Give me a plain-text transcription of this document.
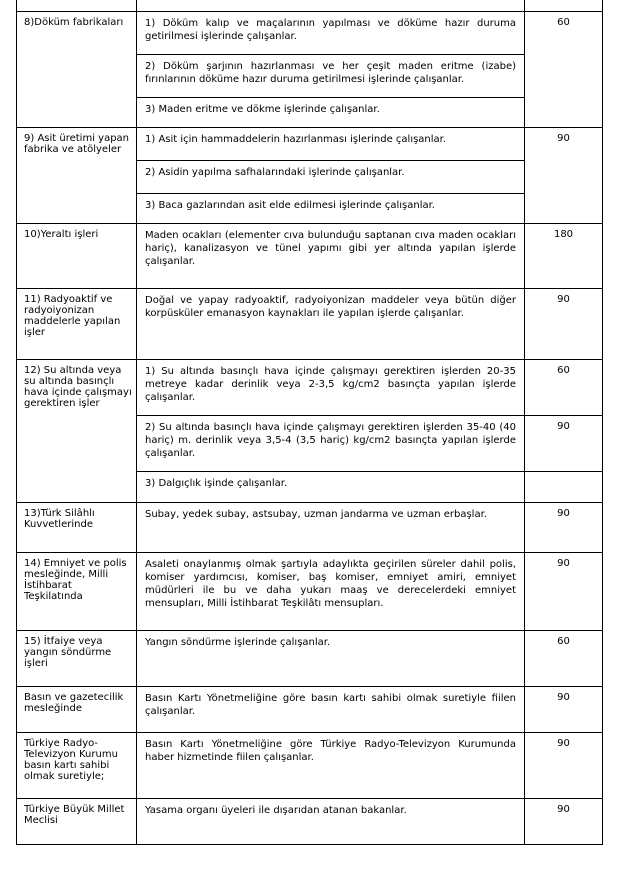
8)Döküm fabrikaları	1) Döküm kalıp ve maçalarının yapılması ve döküme hazır duruma getirilmesi işlerinde çalışanlar.	60
	2) Döküm şarjının hazırlanması ve her çeşit maden eritme (izabe) fırınlarının döküme hazır duruma getirilmesi işlerinde çalışanlar.	
	3) Maden eritme ve dökme işlerinde çalışanlar.	
9) Asit üretimi yapan fabrika ve atölyeler	1) Asit için hammaddelerin hazırlanması işlerinde çalışanlar.	90
	2) Asidin yapılma safhalarındaki işlerinde çalışanlar.	
	3) Baca gazlarından asit elde edilmesi işlerinde çalışanlar.	
10)Yeraltı işleri	Maden ocakları (elementer cıva bulunduğu saptanan cıva maden ocakları hariç), kanalizasyon ve tünel yapımı gibi yer altında yapılan işlerde çalışanlar.	180
11) Radyoaktif ve radyoiyonizan maddelerle yapılan işler	Doğal ve yapay radyoaktif, radyoiyonizan maddeler veya bütün diğer korpüsküler emanasyon kaynakları ile yapılan işlerde çalışanlar.	90
12) Su altında veya su altında basınçlı hava içinde çalışmayı gerektiren işler	1) Su altında basınçlı hava içinde çalışmayı gerektiren işlerden 20-35 metreye kadar derinlik veya 2-3,5 kg/cm2 basınçta yapılan işlerde çalışanlar.	60
	2) Su altında basınçlı hava içinde çalışmayı gerektiren işlerden 35-40 (40 hariç) m. derinlik veya 3,5-4 (3,5 hariç) kg/cm2 basınçta yapılan işlerde çalışanlar.	90
	3) Dalgıçlık işinde çalışanlar.	
13)Türk Silâhlı Kuvvetlerinde	Subay, yedek subay, astsubay, uzman jandarma ve uzman erbaşlar.	90
14) Emniyet ve polis mesleğinde, Milli İstihbarat Teşkilatında	Asaleti onaylanmış olmak şartıyla adaylıkta geçirilen süreler dahil polis, komiser yardımcısı, komiser, baş komiser, emniyet amiri, emniyet müdürleri ile bu ve daha yukarı maaş ve derecelerdeki emniyet mensupları, Milli İstihbarat Teşkilâtı mensupları.	90
15) İtfaiye veya yangın söndürme işleri	Yangın söndürme işlerinde çalışanlar.	60
Basın ve gazetecilik mesleğinde	Basın Kartı Yönetmeliğine göre basın kartı sahibi olmak suretiyle fiilen çalışanlar.	90
Türkiye Radyo-Televizyon Kurumu basın kartı sahibi olmak suretiyle;	Basın Kartı Yönetmeliğine göre Türkiye Radyo-Televizyon Kurumunda haber hizmetinde fiilen çalışanlar.	90
Türkiye Büyük Millet Meclisi	Yasama organı üyeleri ile dışarıdan atanan bakanlar.	90
